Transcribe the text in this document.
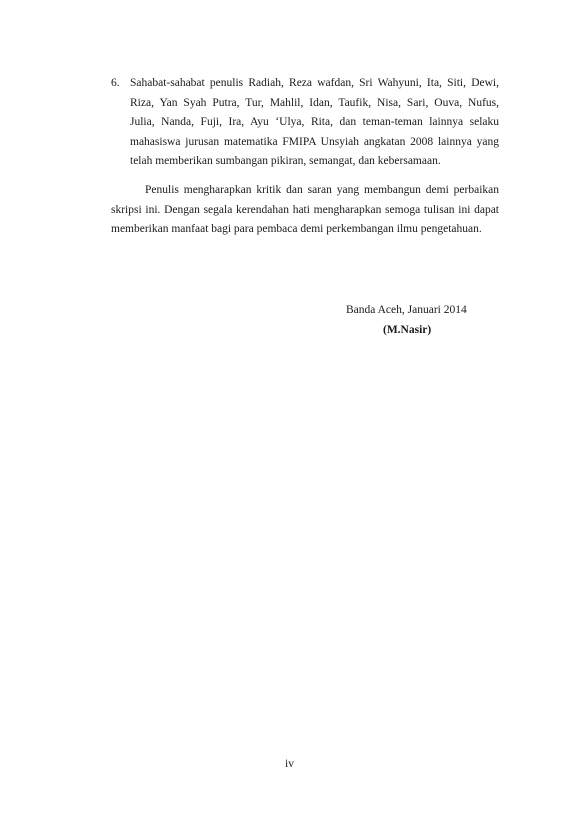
6. Sahabat-sahabat penulis Radiah, Reza wafdan, Sri Wahyuni, Ita, Siti, Dewi,
Riza, Yan Syah Putra, Tur, Mahlil, Idan, Taufik, Nisa, Sari, Ouva, Nufus,
Julia, Nanda, Fuji, Ira, Ayu ‘Ulya, Rita, dan teman-teman lainnya selaku
mahasiswa jurusan matematika FMIPA Unsyiah angkatan 2008 lainnya yang
telah memberikan sumbangan pikiran, semangat, dan kebersamaan.
Penulis mengharapkan kritik dan saran yang membangun demi perbaikan
skripsi ini. Dengan segala kerendahan hati mengharapkan semoga tulisan ini dapat
memberikan manfaat bagi para pembaca demi perkembangan ilmu pengetahuan.
Banda Aceh, Januari 2014
(M.Nasir)
iv
